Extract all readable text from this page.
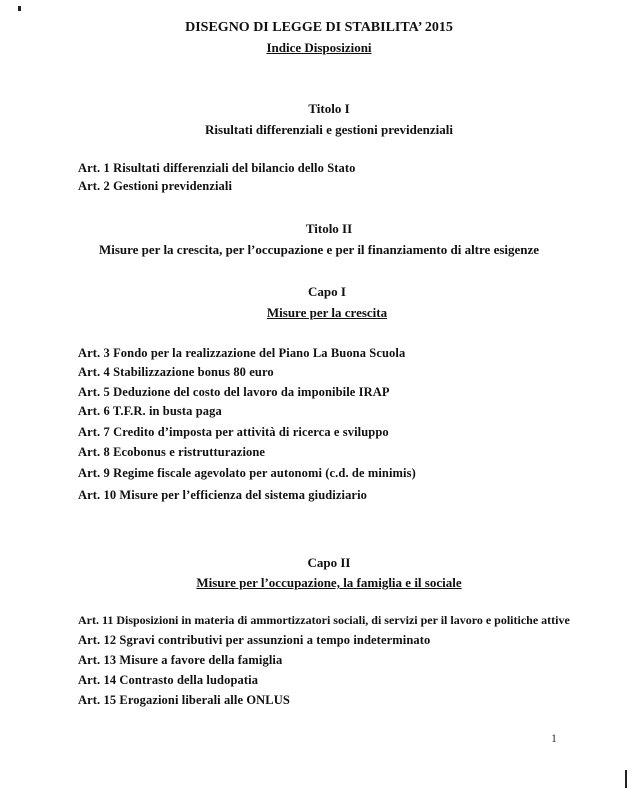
DISEGNO DI LEGGE DI STABILITA’ 2015
Indice Disposizioni
Titolo I
Risultati differenziali e gestioni previdenziali
Art. 1 Risultati differenziali del bilancio dello Stato
Art. 2 Gestioni previdenziali
Titolo II
Misure per la crescita, per l’occupazione e per il finanziamento di altre esigenze
Capo I
Misure per la crescita
Art. 3 Fondo per la realizzazione del Piano La Buona Scuola
Art. 4 Stabilizzazione bonus 80 euro
Art. 5 Deduzione del costo del lavoro da imponibile IRAP
Art. 6 T.F.R. in busta paga
Art. 7 Credito d’imposta per attività di ricerca e sviluppo
Art. 8 Ecobonus e ristrutturazione
Art. 9 Regime fiscale agevolato per autonomi (c.d. de minimis)
Art. 10 Misure per l’efficienza del sistema giudiziario
Capo II
Misure per l’occupazione, la famiglia e il sociale
Art. 11 Disposizioni in materia di ammortizzatori sociali, di servizi per il lavoro e politiche attive
Art. 12 Sgravi contributivi per assunzioni a tempo indeterminato
Art. 13 Misure a favore della famiglia
Art. 14 Contrasto della ludopatia
Art. 15 Erogazioni liberali alle ONLUS
1
